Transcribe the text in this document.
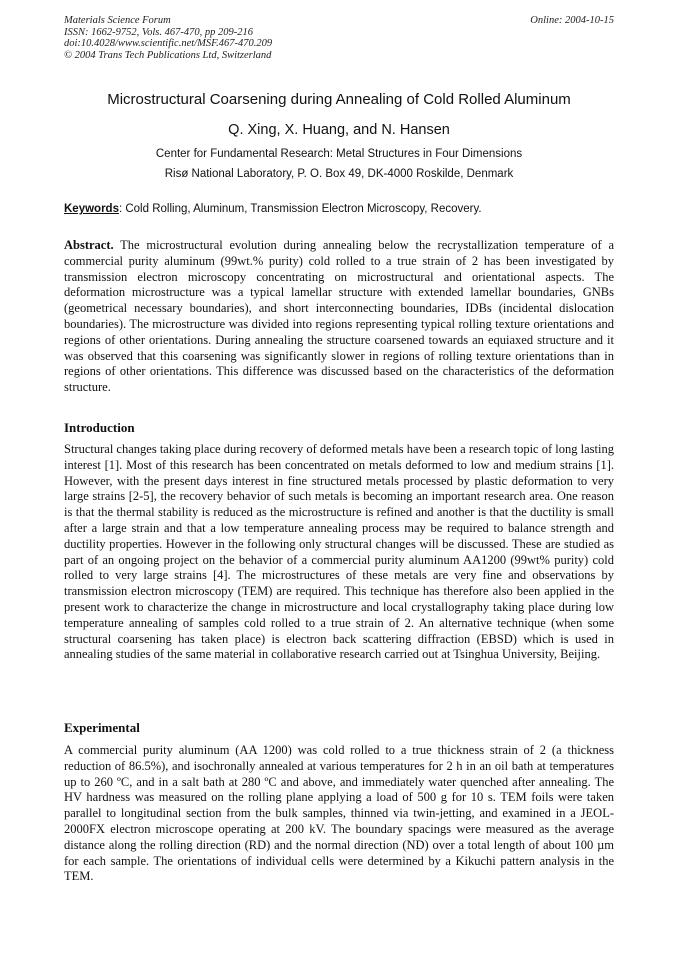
Materials Science Forum
ISSN: 1662-9752, Vols. 467-470, pp 209-216
doi:10.4028/www.scientific.net/MSF.467-470.209
© 2004 Trans Tech Publications Ltd, Switzerland
Online: 2004-10-15
Microstructural Coarsening during Annealing of Cold Rolled Aluminum
Q. Xing, X. Huang, and N. Hansen
Center for Fundamental Research: Metal Structures in Four Dimensions
Risø National Laboratory, P. O. Box 49, DK-4000 Roskilde, Denmark
Keywords: Cold Rolling, Aluminum, Transmission Electron Microscopy, Recovery.
Abstract. The microstructural evolution during annealing below the recrystallization temperature of a commercial purity aluminum (99wt.% purity) cold rolled to a true strain of 2 has been investigated by transmission electron microscopy concentrating on microstructural and orientational aspects. The deformation microstructure was a typical lamellar structure with extended lamellar boundaries, GNBs (geometrical necessary boundaries), and short interconnecting boundaries, IDBs (incidental dislocation boundaries). The microstructure was divided into regions representing typical rolling texture orientations and regions of other orientations. During annealing the structure coarsened towards an equiaxed structure and it was observed that this coarsening was significantly slower in regions of rolling texture orientations than in regions of other orientations. This difference was discussed based on the characteristics of the deformation structure.
Introduction
Structural changes taking place during recovery of deformed metals have been a research topic of long lasting interest [1]. Most of this research has been concentrated on metals deformed to low and medium strains [1]. However, with the present days interest in fine structured metals processed by plastic deformation to very large strains [2-5], the recovery behavior of such metals is becoming an important research area. One reason is that the thermal stability is reduced as the microstructure is refined and another is that the ductility is small after a large strain and that a low temperature annealing process may be required to balance strength and ductility properties. However in the following only structural changes will be discussed. These are studied as part of an ongoing project on the behavior of a commercial purity aluminum AA1200 (99wt% purity) cold rolled to very large strains [4]. The microstructures of these metals are very fine and observations by transmission electron microscopy (TEM) are required. This technique has therefore also been applied in the present work to characterize the change in microstructure and local crystallography taking place during low temperature annealing of samples cold rolled to a true strain of 2. An alternative technique (when some structural coarsening has taken place) is electron back scattering diffraction (EBSD) which is used in annealing studies of the same material in collaborative research carried out at Tsinghua University, Beijing.
Experimental
A commercial purity aluminum (AA 1200) was cold rolled to a true thickness strain of 2 (a thickness reduction of 86.5%), and isochronally annealed at various temperatures for 2 h in an oil bath at temperatures up to 260 ºC, and in a salt bath at 280 ºC and above, and immediately water quenched after annealing. The HV hardness was measured on the rolling plane applying a load of 500 g for 10 s. TEM foils were taken parallel to longitudinal section from the bulk samples, thinned via twin-jetting, and examined in a JEOL-2000FX electron microscope operating at 200 kV. The boundary spacings were measured as the average distance along the rolling direction (RD) and the normal direction (ND) over a total length of about 100 µm for each sample. The orientations of individual cells were determined by a Kikuchi pattern analysis in the TEM.
